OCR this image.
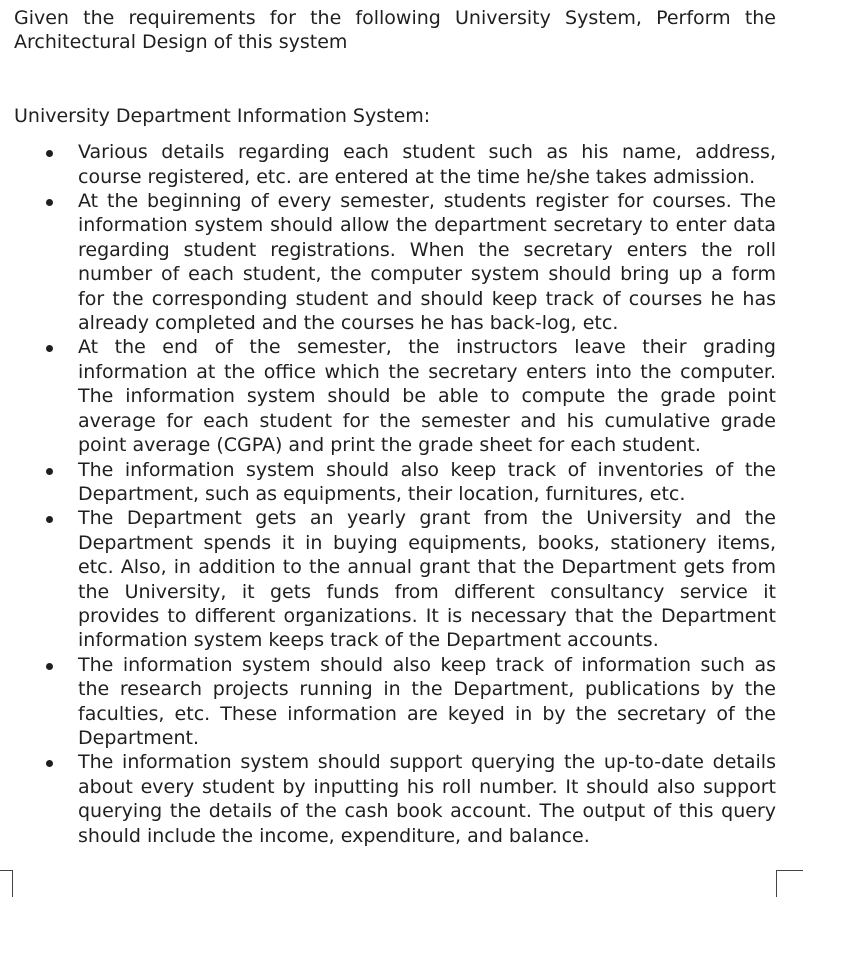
Given the requirements for the following University System, Perform the Architectural Design of this system

University Department Information System:

Various details regarding each student such as his name, address, course registered, etc. are entered at the time he/she takes admission.
At the beginning of every semester, students register for courses. The information system should allow the department secretary to enter data regarding student registrations. When the secretary enters the roll number of each student, the computer system should bring up a form for the corresponding student and should keep track of courses he has already completed and the courses he has back-log, etc.
At the end of the semester, the instructors leave their grading information at the office which the secretary enters into the computer. The information system should be able to compute the grade point average for each student for the semester and his cumulative grade point average (CGPA) and print the grade sheet for each student.
The information system should also keep track of inventories of the Department, such as equipments, their location, furnitures, etc.
The Department gets an yearly grant from the University and the Department spends it in buying equipments, books, stationery items, etc. Also, in addition to the annual grant that the Department gets from the University, it gets funds from different consultancy service it provides to different organizations. It is necessary that the Department information system keeps track of the Department accounts.
The information system should also keep track of information such as the research projects running in the Department, publications by the faculties, etc. These information are keyed in by the secretary of the Department.
The information system should support querying the up-to-date details about every student by inputting his roll number. It should also support querying the details of the cash book account. The output of this query should include the income, expenditure, and balance.
